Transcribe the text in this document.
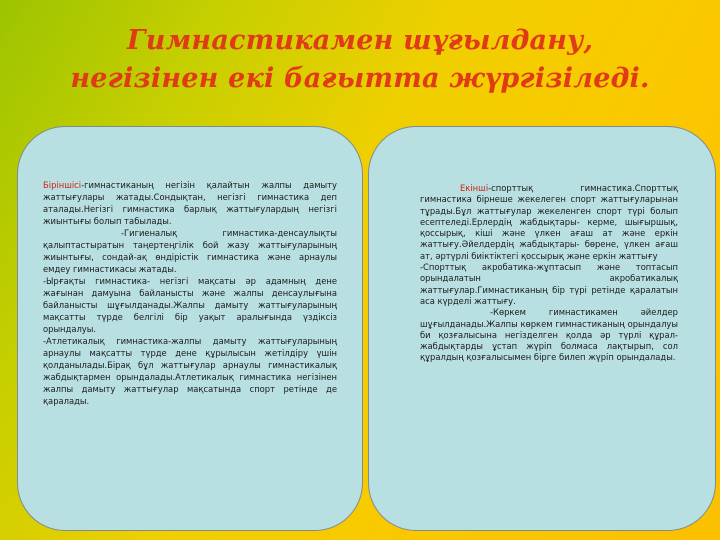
Гимнастикамен шұғылдану,
негізінен екі бағытта жүргізіледі.

Біріншісі-гимнастиканың негізін қалайтын жалпы дамыту жаттығулары жатады.Сондықтан, негізгі гимнастика деп аталады.Негізгі гимнастика барлық жаттығулардың негізгі жиынтығы болып табылады.

-Гигиеналық гимнастика-денсаулықты қалыптастыратын таңертеңгілік бой жазу жаттығуларының жиынтығы, сондай-ақ өндірістік гимнастика және арнаулы емдеу гимнастикасы жатады.

-Ырғақты гимнастика- негізгі мақсаты әр адамның дене жағынан дамуына байланысты және жалпы денсаулығына байланысты шұғылданады.Жалпы дамыту жаттығуларының мақсатты түрде белгілі бір уақыт аралығында үздіксіз орындалуы.

-Атлетикалық гимнастика-жалпы дамыту жаттығуларының арнаулы мақсатты түрде дене құрылысын жетілдіру үшін қолданылады.Бірақ бұл жаттығулар арнаулы гимнастикалық жабдықтармен орындалады.Атлетикалық гимнастика негізінен жалпы дамыту жаттығулар мақсатында спорт ретінде де қаралады.

Екінші-спорттық гимнастика.Спорттық гимнастика бірнеше жекелеген спорт жаттығуларынан тұрады.Бұл жаттығулар жекеленген спорт түрі болып есептеледі.Ерлердің жабдықтары- керме, шығыршық, қоссырық, кіші және үлкен ағаш ат және еркін жаттығу.Әйелдердің жабдықтары- бөрене, үлкен ағаш ат, әртүрлі биіктіктегі қоссырық және еркін жаттығу

-Спорттық акробатика-жұптасып және топтасып орындалатын акробатикалық жаттығулар.Гимнастиканың бір түрі ретінде қаралатын аса күрделі жаттығу.

-Көркем гимнастикамен әйелдер шұғылданады.Жалпы көркем гимнастиканың орындалуы би қозғалысына негізделген қолда әр түрлі құрал-жабдықтарды ұстап жүріп болмаса лақтырып, сол құралдың қозғалысымен бірге билеп жүріп орындалады.
